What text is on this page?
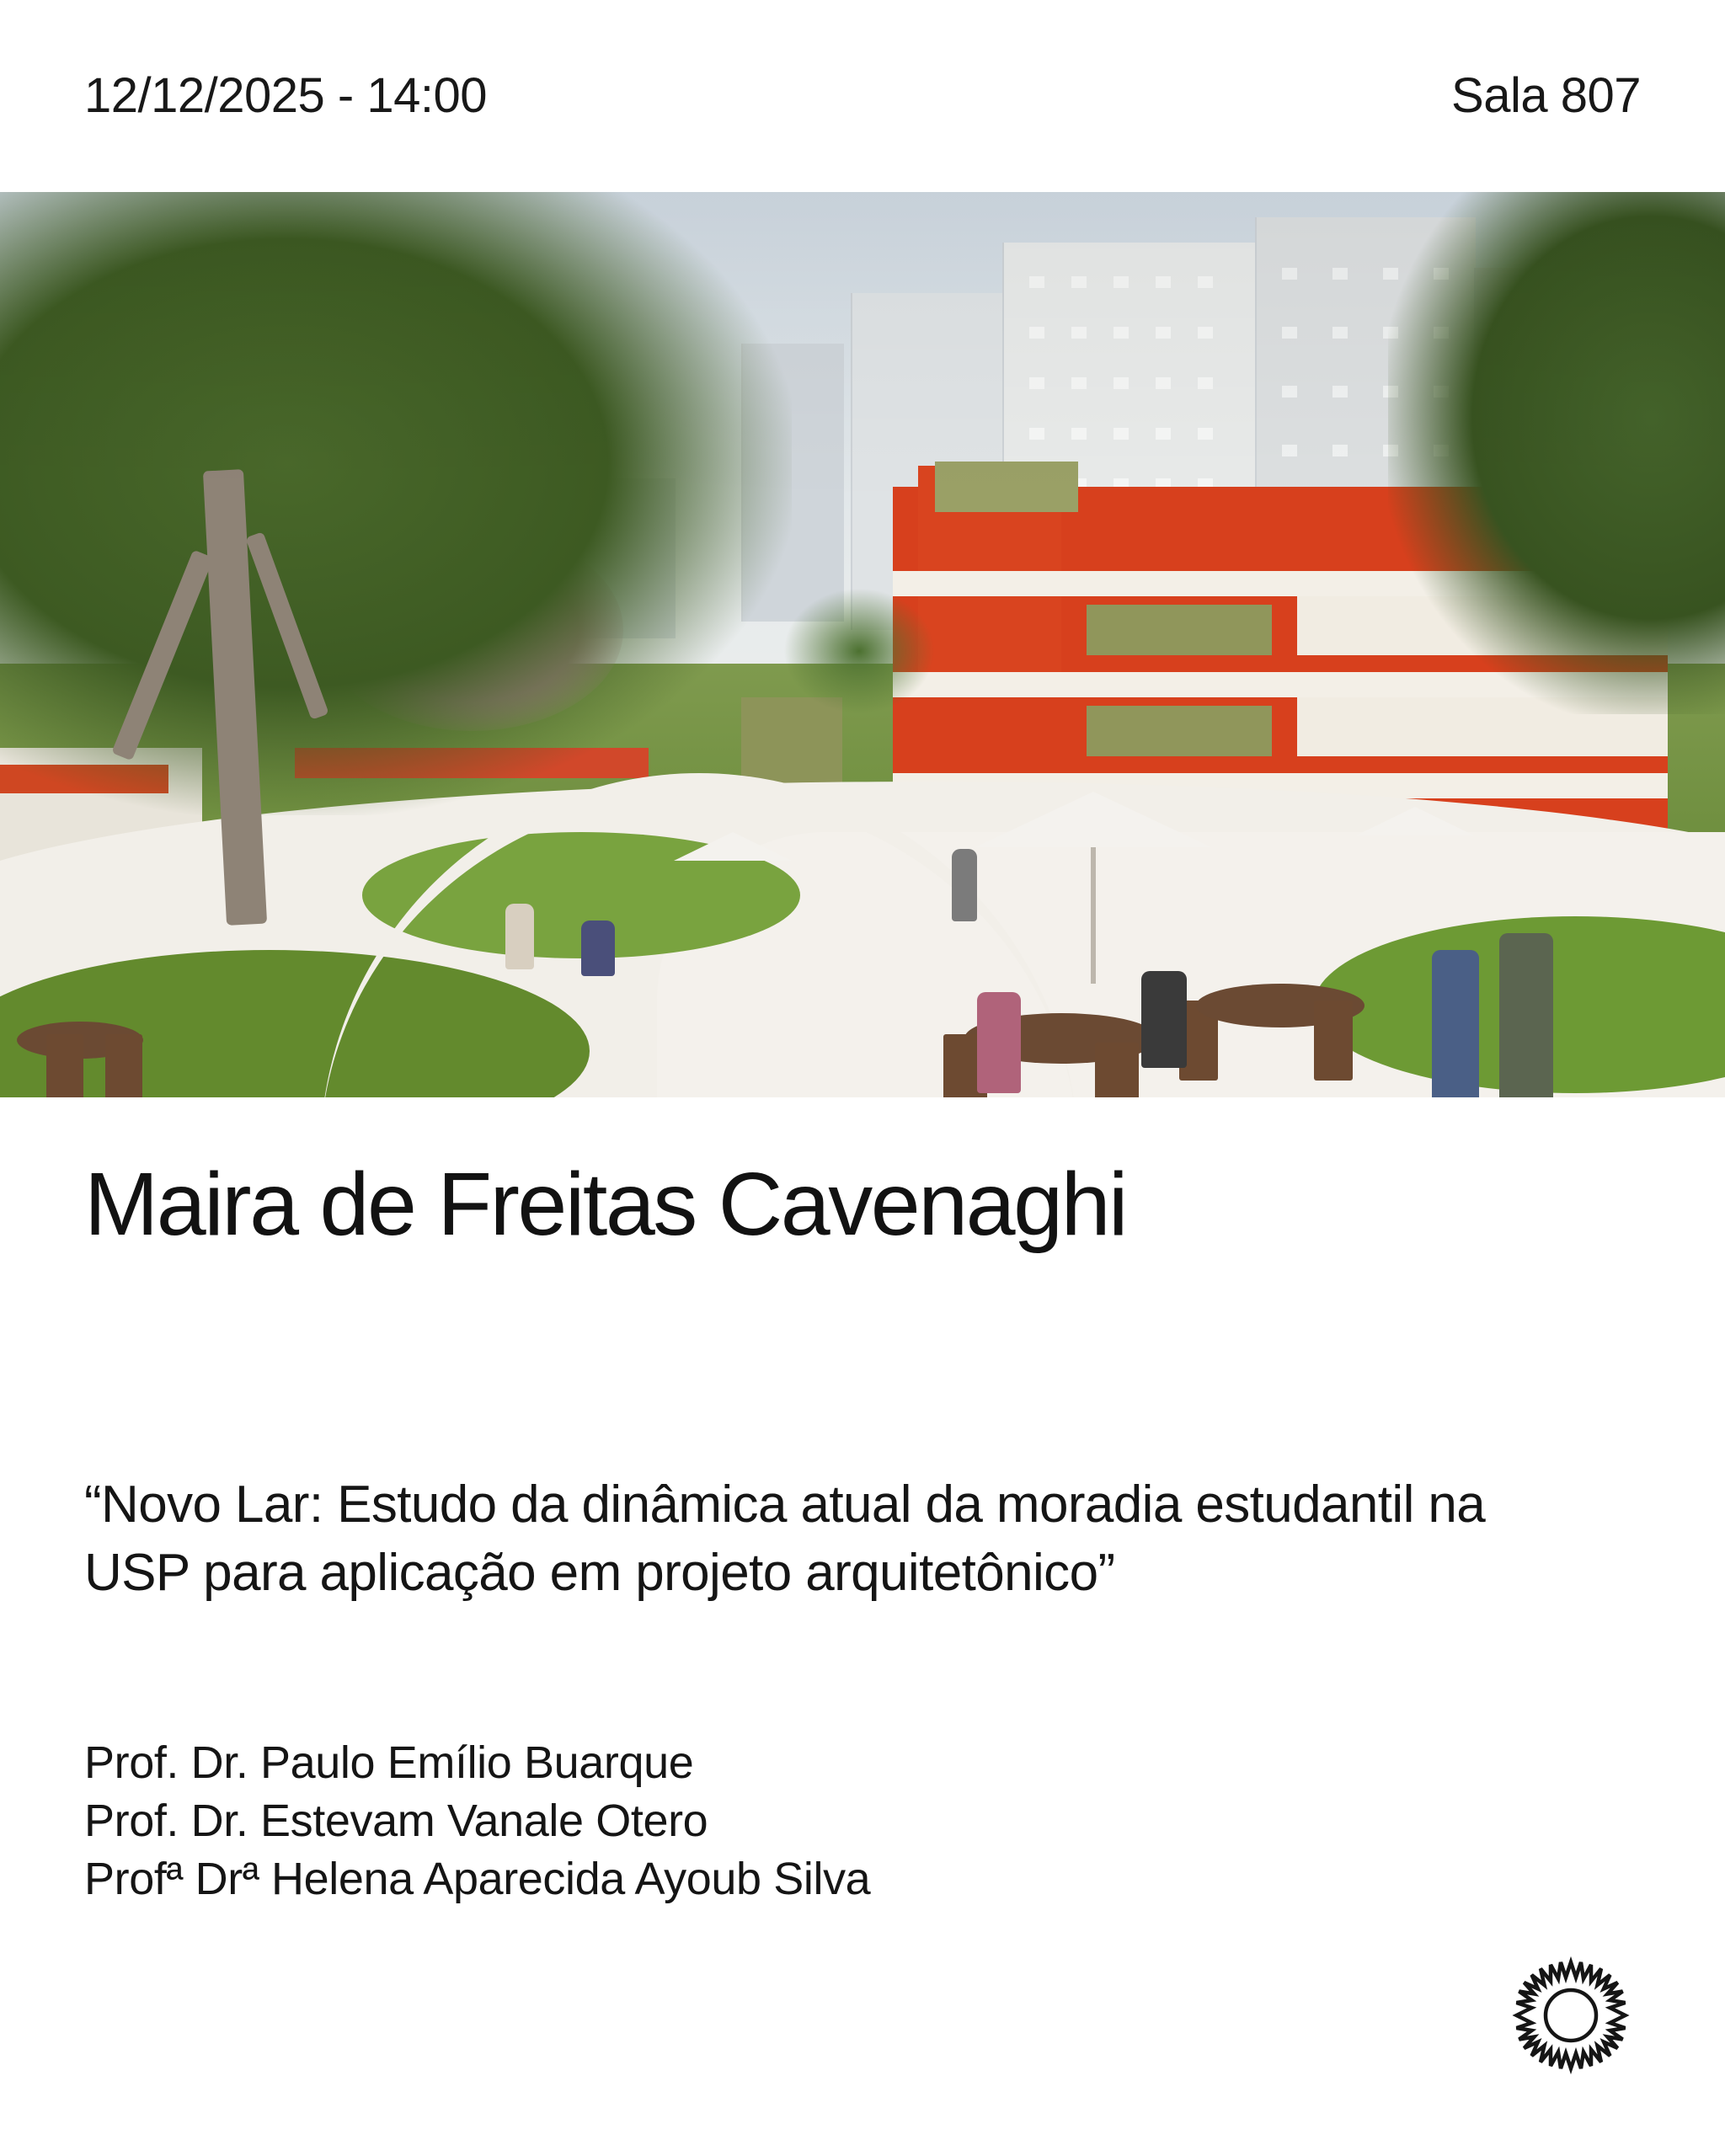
12/12/2025 - 14:00	Sala 807
Maira de Freitas Cavenaghi
“Novo Lar: Estudo da dinâmica atual da moradia estudantil na USP para aplicação em projeto arquitetônico”
Prof. Dr. Paulo Emílio Buarque
Prof. Dr. Estevam Vanale Otero
Profª Drª Helena Aparecida Ayoub Silva
